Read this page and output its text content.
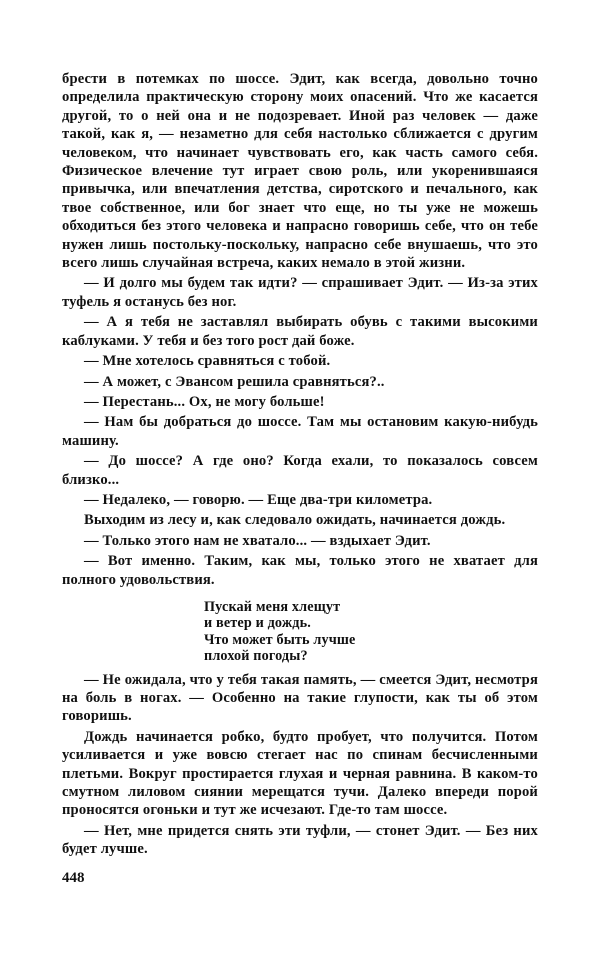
брести в потемках по шоссе. Эдит, как всегда, довольно точно определила практическую сторону моих опасений. Что же касается другой, то о ней она и не подозревает. Иной раз человек — даже такой, как я, — незаметно для себя настолько сближается с другим человеком, что начинает чувствовать его, как часть самого себя. Физическое влечение тут играет свою роль, или укоренившаяся привычка, или впечатления детства, сиротского и печального, как твое собственное, или бог знает что еще, но ты уже не можешь обходиться без этого человека и напрасно говоришь себе, что он тебе нужен лишь постольку-поскольку, напрасно себе внушаешь, что это всего лишь случайная встреча, каких немало в этой жизни.

— И долго мы будем так идти? — спрашивает Эдит. — Из-за этих туфель я останусь без ног.

— А я тебя не заставлял выбирать обувь с такими высокими каблуками. У тебя и без того рост дай боже.

— Мне хотелось сравняться с тобой.

— А может, с Эвансом решила сравняться?..

— Перестань... Ох, не могу больше!

— Нам бы добраться до шоссе. Там мы остановим какую-нибудь машину.

— До шоссе? А где оно? Когда ехали, то показалось совсем близко...

— Недалеко, — говорю. — Еще два-три километра.

Выходим из лесу и, как следовало ожидать, начинается дождь.

— Только этого нам не хватало... — вздыхает Эдит.

— Вот именно. Таким, как мы, только этого не хватает для полного удовольствия.

Пускай меня хлещут
и ветер и дождь.
Что может быть лучше
плохой погоды?

— Не ожидала, что у тебя такая память, — смеется Эдит, несмотря на боль в ногах. — Особенно на такие глупости, как ты об этом говоришь.

Дождь начинается робко, будто пробует, что получится. Потом усиливается и уже вовсю стегает нас по спинам бесчисленными плетьми. Вокруг простирается глухая и черная равнина. В каком-то смутном лиловом сиянии мерещатся тучи. Далеко впереди порой проносятся огоньки и тут же исчезают. Где-то там шоссе.

— Нет, мне придется снять эти туфли, — стонет Эдит. — Без них будет лучше.

448
